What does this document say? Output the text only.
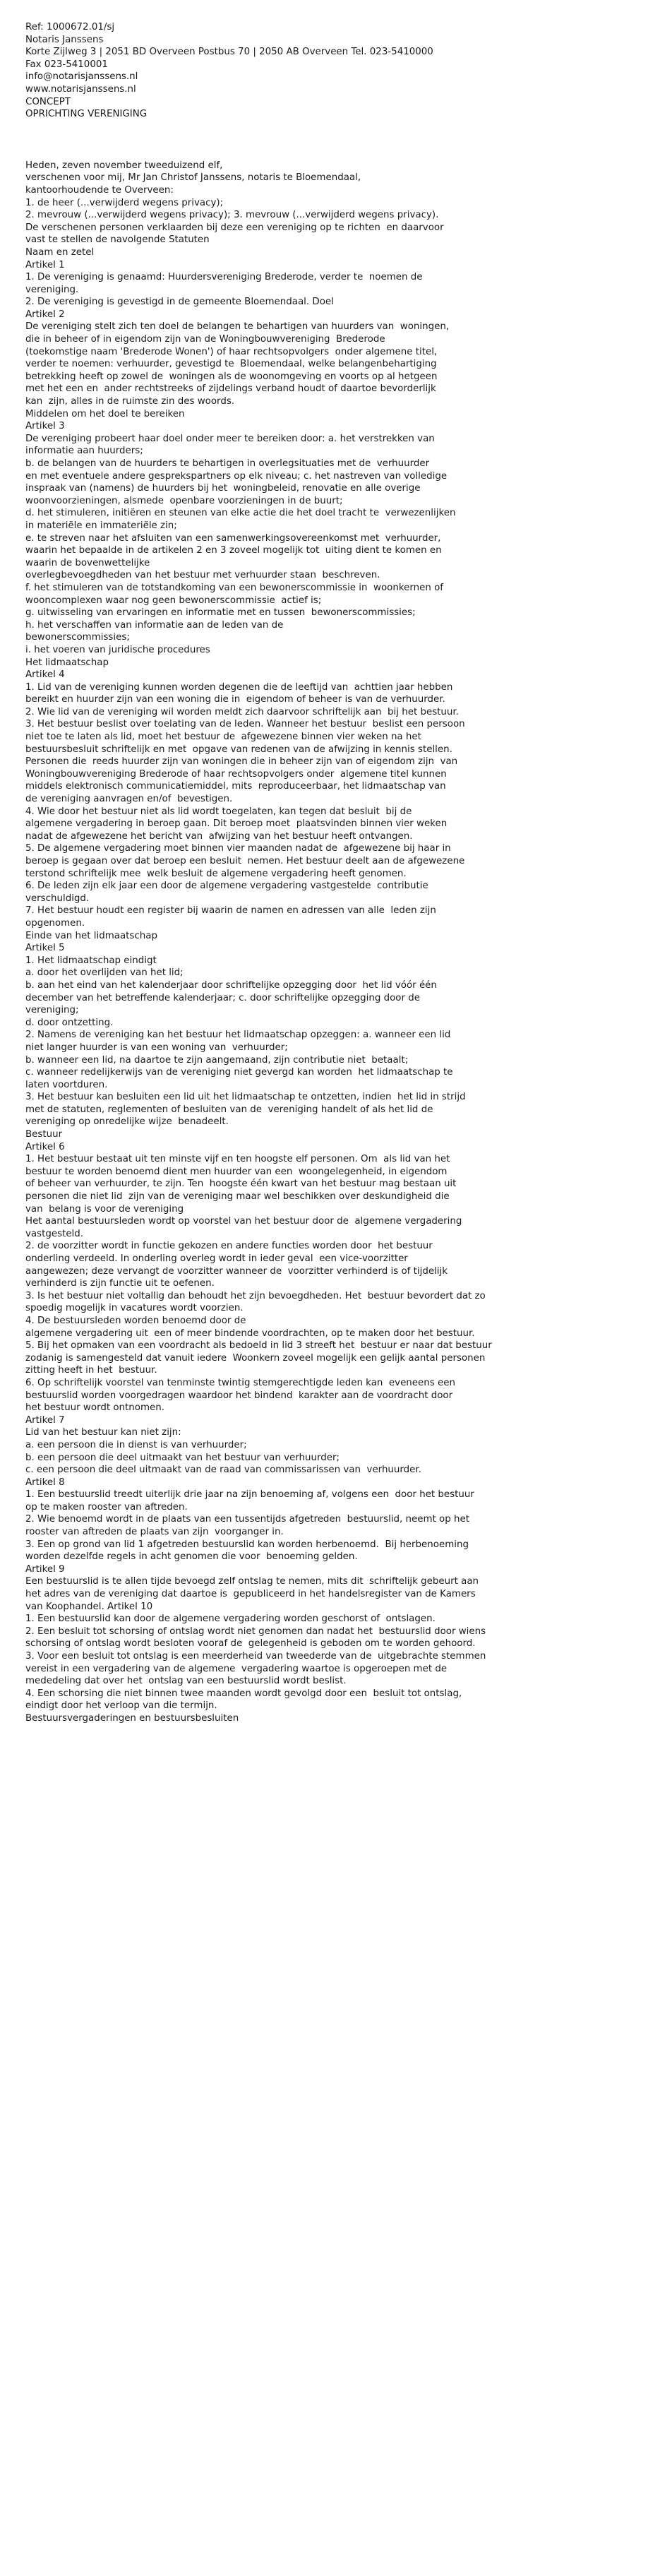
Ref: 1000672.01/sj
Notaris Janssens
Korte Zijlweg 3 | 2051 BD Overveen Postbus 70 | 2050 AB Overveen Tel. 023-5410000
Fax 023-5410001
info@notarisjanssens.nl
www.notarisjanssens.nl
CONCEPT
OPRICHTING VERENIGING
Heden, zeven november tweeduizend elf,
verschenen voor mij, Mr Jan Christof Janssens, notaris te Bloemendaal,
kantoorhoudende te Overveen:
1. de heer (...verwijderd wegens privacy);
2. mevrouw (...verwijderd wegens privacy); 3. mevrouw (...verwijderd wegens privacy).
De verschenen personen verklaarden bij deze een vereniging op te richten  en daarvoor
vast te stellen de navolgende Statuten
Naam en zetel
Artikel 1
1. De vereniging is genaamd: Huurdersvereniging Brederode, verder te  noemen de
vereniging.
2. De vereniging is gevestigd in de gemeente Bloemendaal. Doel
Artikel 2
De vereniging stelt zich ten doel de belangen te behartigen van huurders van  woningen,
die in beheer of in eigendom zijn van de Woningbouwvereniging  Brederode
(toekomstige naam 'Brederode Wonen') of haar rechtsopvolgers  onder algemene titel,
verder te noemen: verhuurder, gevestigd te  Bloemendaal, welke belangenbehartiging
betrekking heeft op zowel de  woningen als de woonomgeving en voorts op al hetgeen
met het een en  ander rechtstreeks of zijdelings verband houdt of daartoe bevorderlijk
kan  zijn, alles in de ruimste zin des woords.
Middelen om het doel te bereiken
Artikel 3
De vereniging probeert haar doel onder meer te bereiken door: a. het verstrekken van
informatie aan huurders;
b. de belangen van de huurders te behartigen in overlegsituaties met de  verhuurder
en met eventuele andere gesprekspartners op elk niveau; c. het nastreven van volledige
inspraak van (namens) de huurders bij het  woningbeleid, renovatie en alle overige
woonvoorzieningen, alsmede  openbare voorzieningen in de buurt;
d. het stimuleren, initiëren en steunen van elke actie die het doel tracht te  verwezenlijken
in materiële en immateriële zin;
e. te streven naar het afsluiten van een samenwerkingsovereenkomst met  verhuurder,
waarin het bepaalde in de artikelen 2 en 3 zoveel mogelijk tot  uiting dient te komen en
waarin de bovenwettelijke
overlegbevoegdheden van het bestuur met verhuurder staan  beschreven.
f. het stimuleren van de totstandkoming van een bewonerscommissie in  woonkernen of
wooncomplexen waar nog geen bewonerscommissie  actief is;
g. uitwisseling van ervaringen en informatie met en tussen  bewonerscommissies;
h. het verschaffen van informatie aan de leden van de
bewonerscommissies;
i. het voeren van juridische procedures
Het lidmaatschap
Artikel 4
1. Lid van de vereniging kunnen worden degenen die de leeftijd van  achttien jaar hebben
bereikt en huurder zijn van een woning die in  eigendom of beheer is van de verhuurder.
2. Wie lid van de vereniging wil worden meldt zich daarvoor schriftelijk aan  bij het bestuur.
3. Het bestuur beslist over toelating van de leden. Wanneer het bestuur  beslist een persoon
niet toe te laten als lid, moet het bestuur de  afgewezene binnen vier weken na het
bestuursbesluit schriftelijk en met  opgave van redenen van de afwijzing in kennis stellen.
Personen die  reeds huurder zijn van woningen die in beheer zijn van of eigendom zijn  van
Woningbouwvereniging Brederode of haar rechtsopvolgers onder  algemene titel kunnen
middels elektronisch communicatiemiddel, mits  reproduceerbaar, het lidmaatschap van
de vereniging aanvragen en/of  bevestigen.
4. Wie door het bestuur niet als lid wordt toegelaten, kan tegen dat besluit  bij de
algemene vergadering in beroep gaan. Dit beroep moet  plaatsvinden binnen vier weken
nadat de afgewezene het bericht van  afwijzing van het bestuur heeft ontvangen.
5. De algemene vergadering moet binnen vier maanden nadat de  afgewezene bij haar in
beroep is gegaan over dat beroep een besluit  nemen. Het bestuur deelt aan de afgewezene
terstond schriftelijk mee  welk besluit de algemene vergadering heeft genomen.
6. De leden zijn elk jaar een door de algemene vergadering vastgestelde  contributie
verschuldigd.
7. Het bestuur houdt een register bij waarin de namen en adressen van alle  leden zijn
opgenomen.
Einde van het lidmaatschap
Artikel 5
1. Het lidmaatschap eindigt
a. door het overlijden van het lid;
b. aan het eind van het kalenderjaar door schriftelijke opzegging door  het lid vóór één
december van het betreffende kalenderjaar; c. door schriftelijke opzegging door de
vereniging;
d. door ontzetting.
2. Namens de vereniging kan het bestuur het lidmaatschap opzeggen: a. wanneer een lid
niet langer huurder is van een woning van  verhuurder;
b. wanneer een lid, na daartoe te zijn aangemaand, zijn contributie niet  betaalt;
c. wanneer redelijkerwijs van de vereniging niet gevergd kan worden  het lidmaatschap te
laten voortduren.
3. Het bestuur kan besluiten een lid uit het lidmaatschap te ontzetten, indien  het lid in strijd
met de statuten, reglementen of besluiten van de  vereniging handelt of als het lid de
vereniging op onredelijke wijze  benadeelt.
Bestuur
Artikel 6
1. Het bestuur bestaat uit ten minste vijf en ten hoogste elf personen. Om  als lid van het
bestuur te worden benoemd dient men huurder van een  woongelegenheid, in eigendom
of beheer van verhuurder, te zijn. Ten  hoogste één kwart van het bestuur mag bestaan uit
personen die niet lid  zijn van de vereniging maar wel beschikken over deskundigheid die
van  belang is voor de vereniging
Het aantal bestuursleden wordt op voorstel van het bestuur door de  algemene vergadering
vastgesteld.
2. de voorzitter wordt in functie gekozen en andere functies worden door  het bestuur
onderling verdeeld. In onderling overleg wordt in ieder geval  een vice-voorzitter
aangewezen; deze vervangt de voorzitter wanneer de  voorzitter verhinderd is of tijdelijk
verhinderd is zijn functie uit te oefenen.
3. Is het bestuur niet voltallig dan behoudt het zijn bevoegdheden. Het  bestuur bevordert dat zo
spoedig mogelijk in vacatures wordt voorzien.
4. De bestuursleden worden benoemd door de
algemene vergadering uit  een of meer bindende voordrachten, op te maken door het bestuur.
5. Bij het opmaken van een voordracht als bedoeld in lid 3 streeft het  bestuur er naar dat bestuur
zodanig is samengesteld dat vanuit iedere  Woonkern zoveel mogelijk een gelijk aantal personen
zitting heeft in het  bestuur.
6. Op schriftelijk voorstel van tenminste twintig stemgerechtigde leden kan  eveneens een
bestuurslid worden voorgedragen waardoor het bindend  karakter aan de voordracht door
het bestuur wordt ontnomen.
Artikel 7
Lid van het bestuur kan niet zijn:
a. een persoon die in dienst is van verhuurder;
b. een persoon die deel uitmaakt van het bestuur van verhuurder;
c. een persoon die deel uitmaakt van de raad van commissarissen van  verhuurder.
Artikel 8
1. Een bestuurslid treedt uiterlijk drie jaar na zijn benoeming af, volgens een  door het bestuur
op te maken rooster van aftreden.
2. Wie benoemd wordt in de plaats van een tussentijds afgetreden  bestuurslid, neemt op het
rooster van aftreden de plaats van zijn  voorganger in.
3. Een op grond van lid 1 afgetreden bestuurslid kan worden herbenoemd.  Bij herbenoeming
worden dezelfde regels in acht genomen die voor  benoeming gelden.
Artikel 9
Een bestuurslid is te allen tijde bevoegd zelf ontslag te nemen, mits dit  schriftelijk gebeurt aan
het adres van de vereniging dat daartoe is  gepubliceerd in het handelsregister van de Kamers
van Koophandel. Artikel 10
1. Een bestuurslid kan door de algemene vergadering worden geschorst of  ontslagen.
2. Een besluit tot schorsing of ontslag wordt niet genomen dan nadat het  bestuurslid door wiens
schorsing of ontslag wordt besloten vooraf de  gelegenheid is geboden om te worden gehoord.
3. Voor een besluit tot ontslag is een meerderheid van tweederde van de  uitgebrachte stemmen
vereist in een vergadering van de algemene  vergadering waartoe is opgeroepen met de
mededeling dat over het  ontslag van een bestuurslid wordt beslist.
4. Een schorsing die niet binnen twee maanden wordt gevolgd door een  besluit tot ontslag,
eindigt door het verloop van die termijn.
Bestuursvergaderingen en bestuursbesluiten
